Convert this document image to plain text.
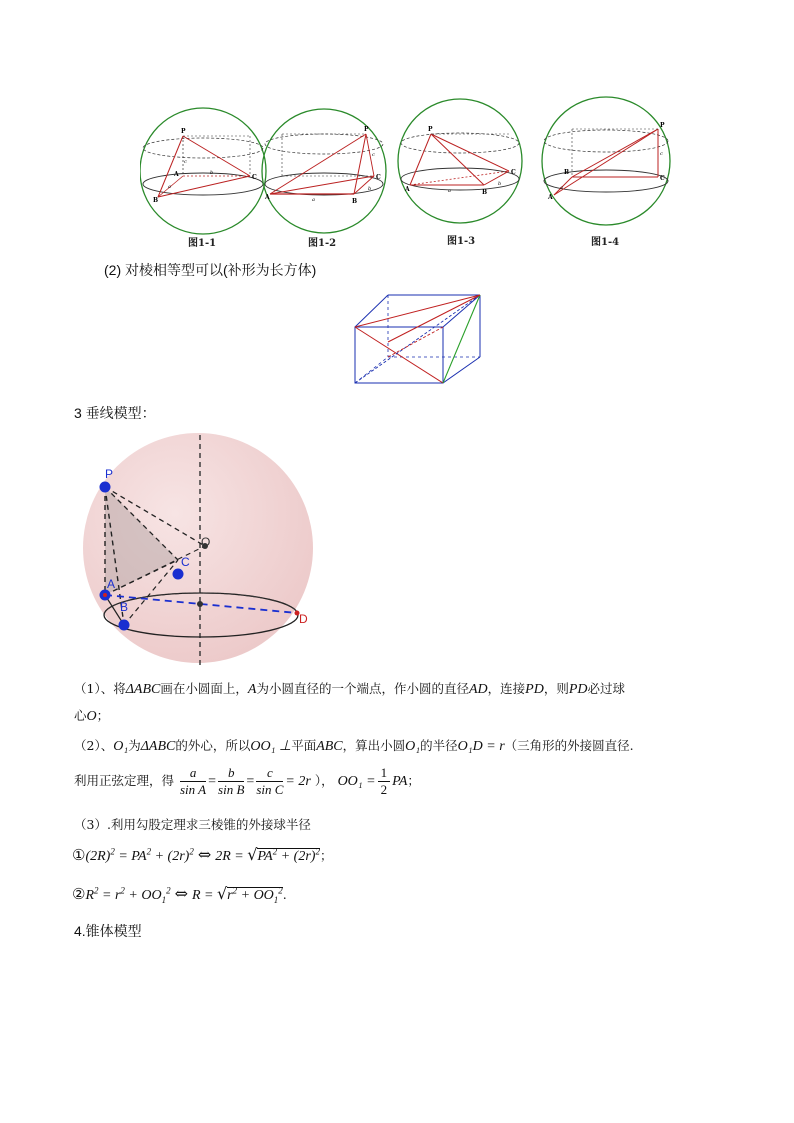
P
C
A
B
c
b
a
P
C
A
B
a
c
b
P
C
A	B
a
b
P
C
A
B
c
a
图1-1	图1-2	图1-3	图1-4
(2) 对棱相等型可以(补形为长方体)
3 垂线模型：
P
O
C
A
B
D
（1）、将ΔABC画在小圆面上，A为小圆直径的一个端点，作小圆的直径AD，连接PD，则PD必过球
心O；
（2）、O₁为ΔABC的外心，所以OO₁ ⊥平面ABC，算出小圆O₁的半径O₁D = r（三角形的外接圆直径.
利用正弦定理，得 $\frac{a}{\text{sin A}} = \frac{b}{\text{sin B}} = \frac{c}{\text{sin C}} = 2r$ ）， $OO_1 = \frac{1}{2}$ PA；
（3）.利用勾股定理求三棱锥的外接球半径
$①(2R)^2 = PA^2 + (2r)^2$ ⇔ $2R = √PA^2 + (2r)^2$；
$②R^2 = r^2 + OO_1^2$ ⇔ $R = √r^2 + OO_1^2$.
4.锥体模型
